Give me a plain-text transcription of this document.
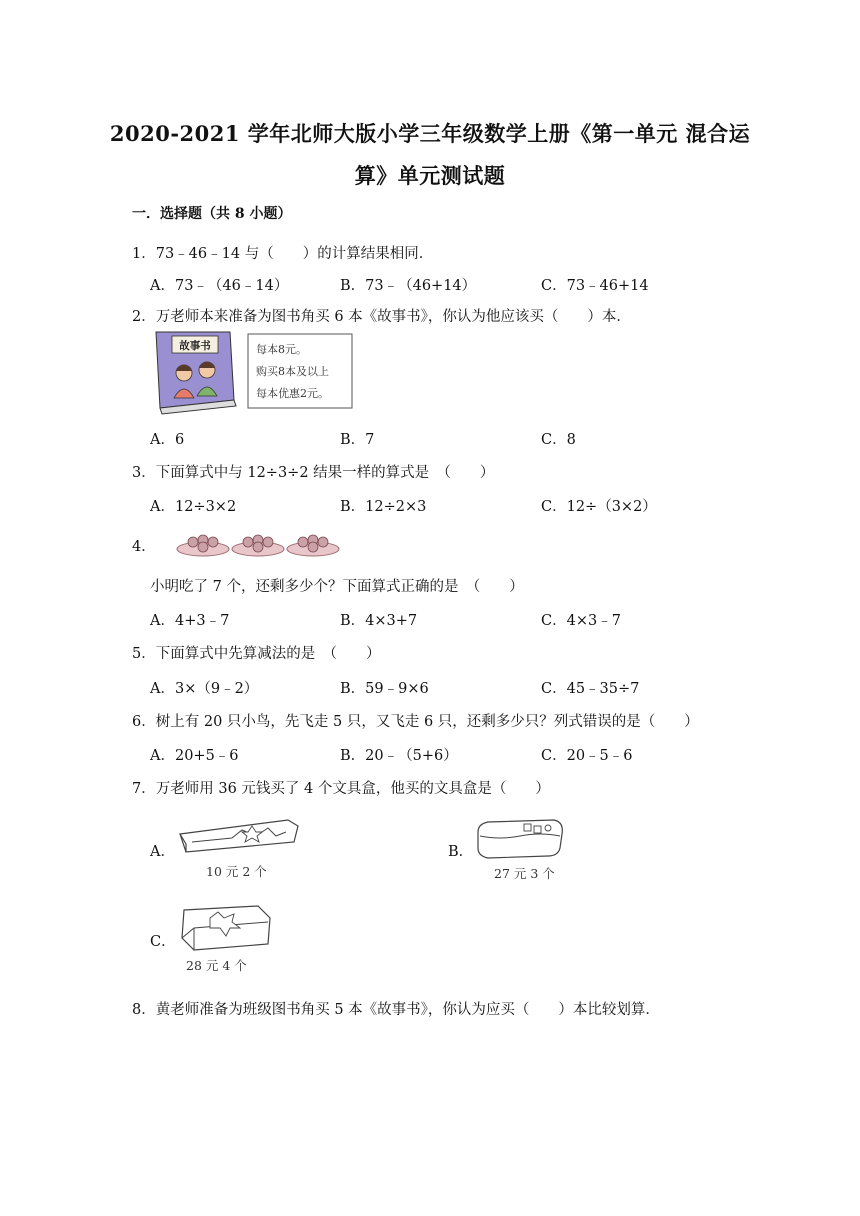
2020-2021 学年北师大版小学三年级数学上册《第一单元 混合运
算》单元测试题
一．选择题（共 8 小题）
1．73﹣46﹣14 与（　　）的计算结果相同．
A．73﹣（46﹣14）	B．73﹣（46+14）	C．73﹣46+14
2．万老师本来准备为图书角买 6 本《故事书》，你认为他应该买（　　）本．
故事书	每本8元。
购买8本及以上
每本优惠2元。
A．6	B．7	C．8
3．下面算式中与 12÷3÷2 结果一样的算式是　（　　）
A．12÷3×2	B．12÷2×3	C．12÷（3×2）
4．
小明吃了 7 个，还剩多少个？下面算式正确的是　（　　）
A．4+3﹣7	B．4×3+7	C．4×3﹣7
5．下面算式中先算减法的是　（　　）
A．3×（9﹣2）	B．59﹣9×6	C．45﹣35÷7
6．树上有 20 只小鸟，先飞走 5 只，又飞走 6 只，还剩多少只？列式错误的是（　　）
A．20+5﹣6	B．20﹣（5+6）	C．20﹣5﹣6
7．万老师用 36 元钱买了 4 个文具盒，他买的文具盒是（　　）
A．
10 元 2 个
B．
27 元 3 个
C．
28 元 4 个
8．黄老师准备为班级图书角买 5 本《故事书》，你认为应买（　　）本比较划算．
